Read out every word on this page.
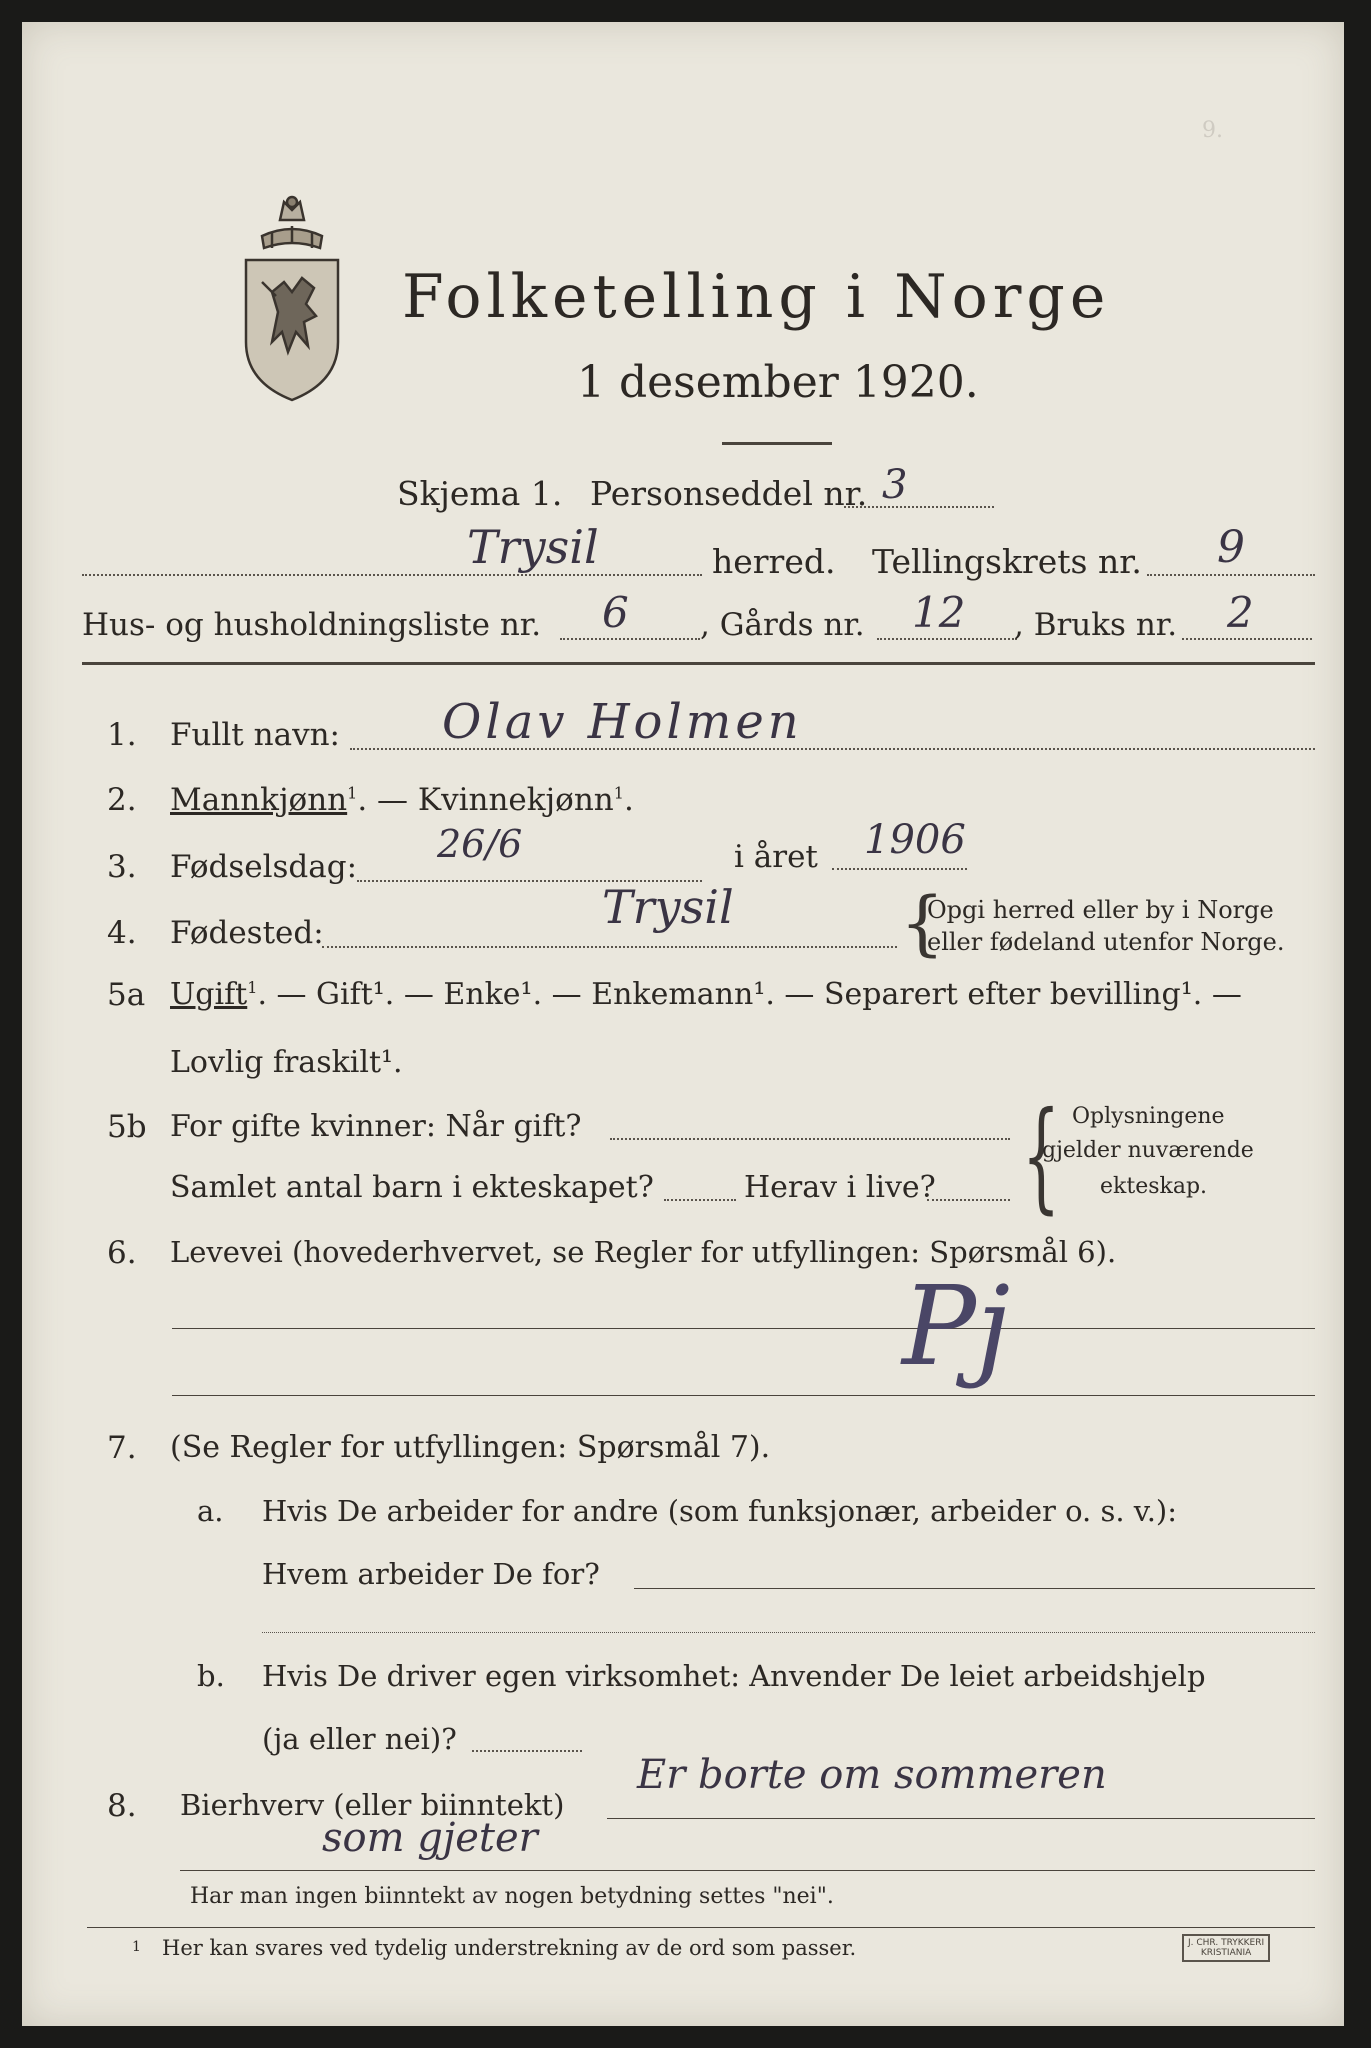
9.
Folketelling i Norge
1 desember 1920.
Skjema 1. Personseddel nr. 3
Trysil	herred. Tellingskrets nr. 9
Hus- og husholdningsliste nr. 6 , Gårds nr. 12 , Bruks nr. 2
1. Fullt navn: Olav Holmen
2. Mannkjønn$^1$. — Kvinnekjønn$^1$.
3. Fødselsdag:
26/6	i året 1906
4. Fødested:	Trysil {
Opgi herred eller by i Norge
eller fødeland utenfor Norge.
5a Ugift$^1$. — Gift¹. — Enke¹. — Enkemann¹. — Separert efter bevilling¹. —
Lovlig fraskilt¹.
5b For gifte kvinner: Når gift?
Samlet antal barn i ekteskapet?	Herav i live? { Oplysningene
gjelder nuværende
ekteskap.
6. Levevei (hovederhvervet, se Regler for utfyllingen: Spørsmål 6).
Pj
7. (Se Regler for utfyllingen: Spørsmål 7).
a. Hvis De arbeider for andre (som funksjonær, arbeider o. s. v.):
Hvem arbeider De for?
b. Hvis De driver egen virksomhet: Anvender De leiet arbeidshjelp
(ja eller nei)?
8. Bierhverv (eller biinntekt)
Er borte om sommeren
som gjeter
Har man ingen biinntekt av nogen betydning settes "nei".
1 Her kan svares ved tydelig understrekning av de ord som passer.	J. CHR. TRYKKERI
KRISTIANIA
